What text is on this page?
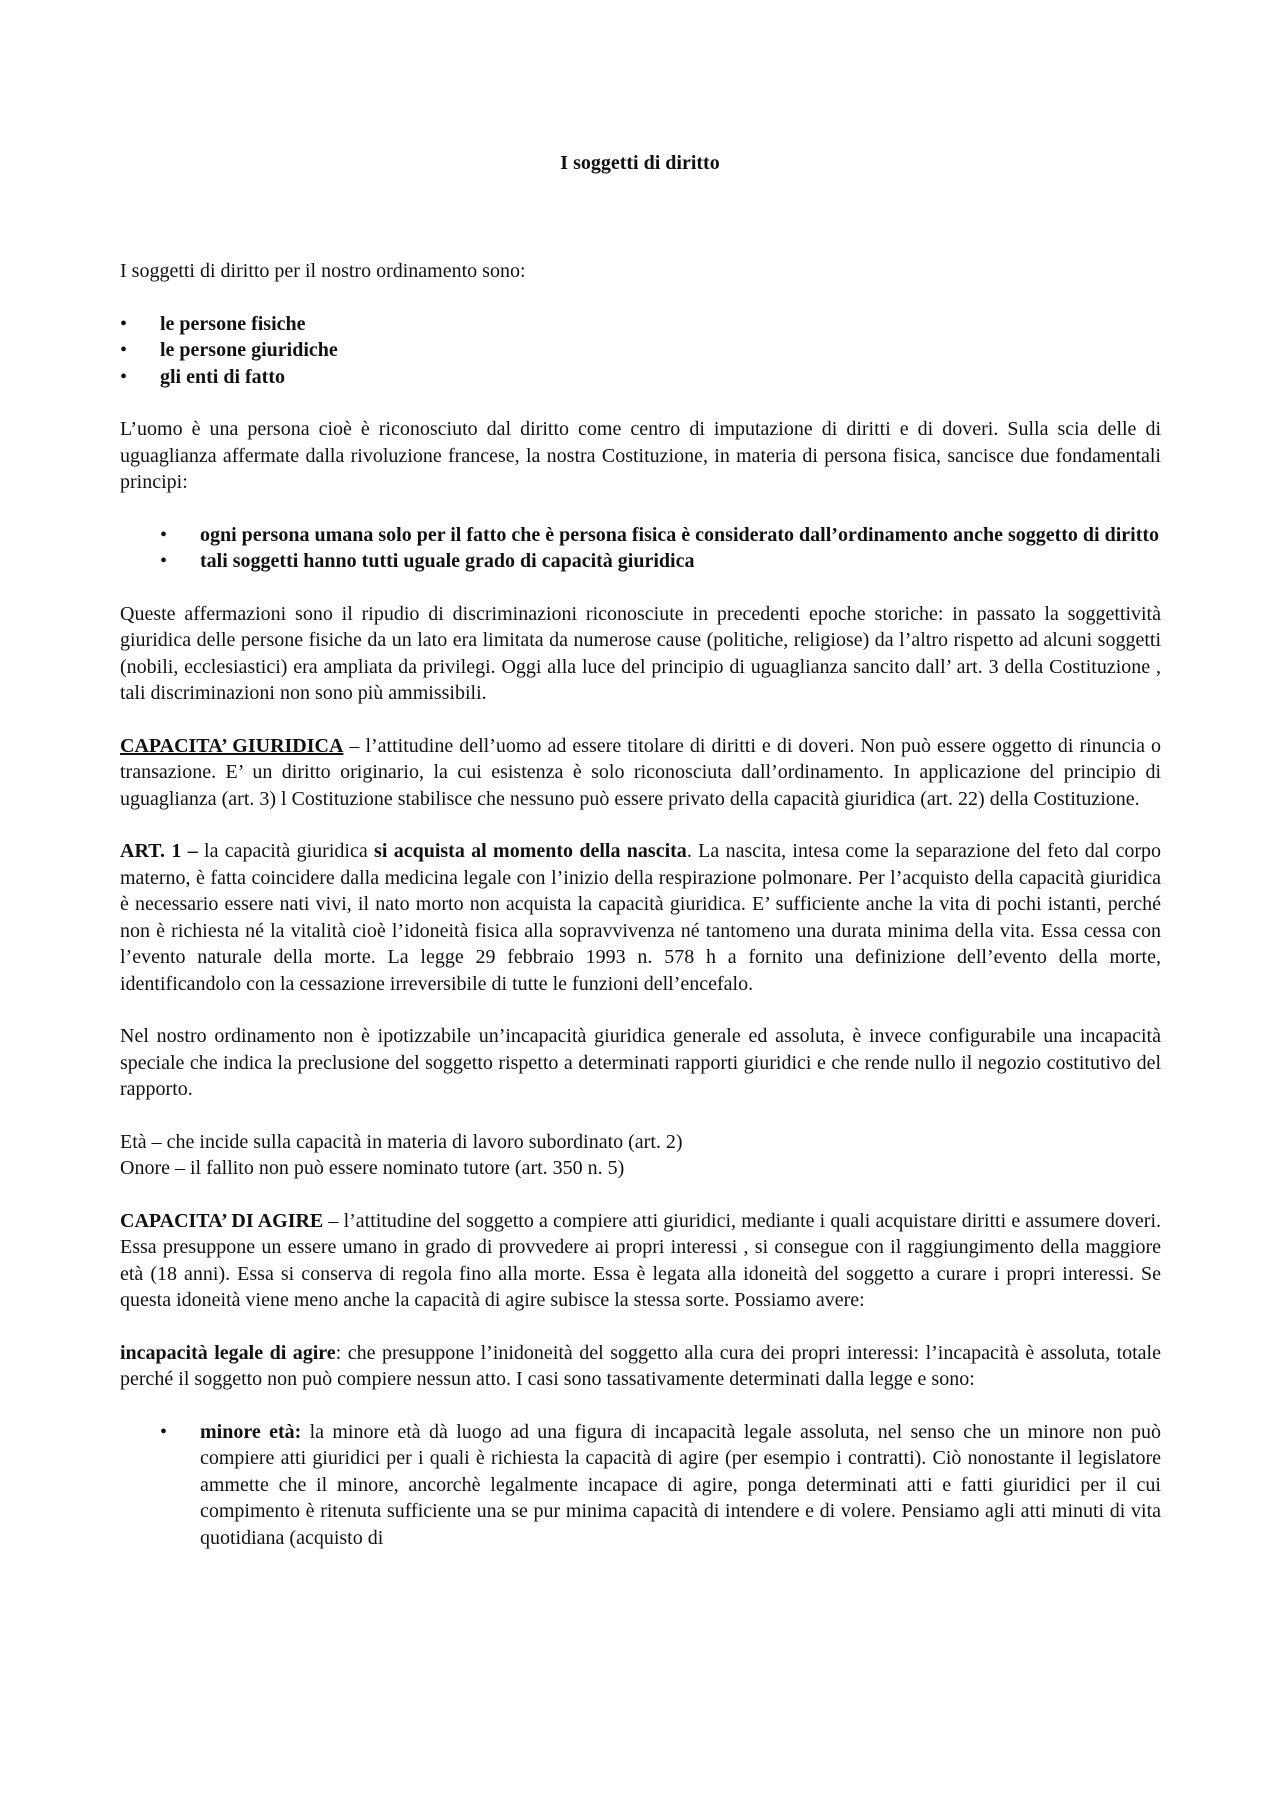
I soggetti di diritto

I soggetti di diritto per il nostro ordinamento sono:

• le persone fisiche
• le persone giuridiche
• gli enti di fatto

L’uomo è una persona cioè è riconosciuto dal diritto come centro di imputazione di diritti e di doveri. Sulla scia delle di uguaglianza affermate dalla rivoluzione francese, la nostra Costituzione, in materia di persona fisica, sancisce due fondamentali principi:

• ogni persona umana solo per il fatto che è persona fisica è considerato dall’ordinamento anche soggetto di diritto
• tali soggetti hanno tutti uguale grado di capacità giuridica

Queste affermazioni sono il ripudio di discriminazioni riconosciute in precedenti epoche storiche: in passato la soggettività giuridica delle persone fisiche da un lato era limitata da numerose cause (politiche, religiose) da l’altro rispetto ad alcuni soggetti (nobili, ecclesiastici) era ampliata da privilegi. Oggi alla luce del principio di uguaglianza sancito dall’ art. 3 della Costituzione , tali discriminazioni non sono più ammissibili.

CAPACITA’ GIURIDICA – l’attitudine dell’uomo ad essere titolare di diritti e di doveri. Non può essere oggetto di rinuncia o transazione. E’ un diritto originario, la cui esistenza è solo riconosciuta dall’ordinamento. In applicazione del principio di uguaglianza (art. 3) l Costituzione stabilisce che nessuno può essere privato della capacità giuridica (art. 22) della Costituzione.

ART. 1 – la capacità giuridica si acquista al momento della nascita. La nascita, intesa come la separazione del feto dal corpo materno, è fatta coincidere dalla medicina legale con l’inizio della respirazione polmonare. Per l’acquisto della capacità giuridica è necessario essere nati vivi, il nato morto non acquista la capacità giuridica. E’ sufficiente anche la vita di pochi istanti, perché non è richiesta né la vitalità cioè l’idoneità fisica alla sopravvivenza né tantomeno una durata minima della vita. Essa cessa con l’evento naturale della morte. La legge 29 febbraio 1993 n. 578 h a fornito una definizione dell’evento della morte, identificandolo con la cessazione irreversibile di tutte le funzioni dell’encefalo.

Nel nostro ordinamento non è ipotizzabile un’incapacità giuridica generale ed assoluta, è invece configurabile una incapacità speciale che indica la preclusione del soggetto rispetto a determinati rapporti giuridici e che rende nullo il negozio costitutivo del rapporto.

Età – che incide sulla capacità in materia di lavoro subordinato (art. 2)
Onore – il fallito non può essere nominato tutore (art. 350 n. 5)

CAPACITA’ DI AGIRE – l’attitudine del soggetto a compiere atti giuridici, mediante i quali acquistare diritti e assumere doveri. Essa presuppone un essere umano in grado di provvedere ai propri interessi , si consegue con il raggiungimento della maggiore età (18 anni). Essa si conserva di regola fino alla morte. Essa è legata alla idoneità del soggetto a curare i propri interessi. Se questa idoneità viene meno anche la capacità di agire subisce la stessa sorte. Possiamo avere:

incapacità legale di agire: che presuppone l’inidoneità del soggetto alla cura dei propri interessi: l’incapacità è assoluta, totale perché il soggetto non può compiere nessun atto. I casi sono tassativamente determinati dalla legge e sono:

• minore età: la minore età dà luogo ad una figura di incapacità legale assoluta, nel senso che un minore non può compiere atti giuridici per i quali è richiesta la capacità di agire (per esempio i contratti). Ciò nonostante il legislatore ammette che il minore, ancorchè legalmente incapace di agire, ponga determinati atti e fatti giuridici per il cui compimento è ritenuta sufficiente una se pur minima capacità di intendere e di volere. Pensiamo agli atti minuti di vita quotidiana (acquisto di
